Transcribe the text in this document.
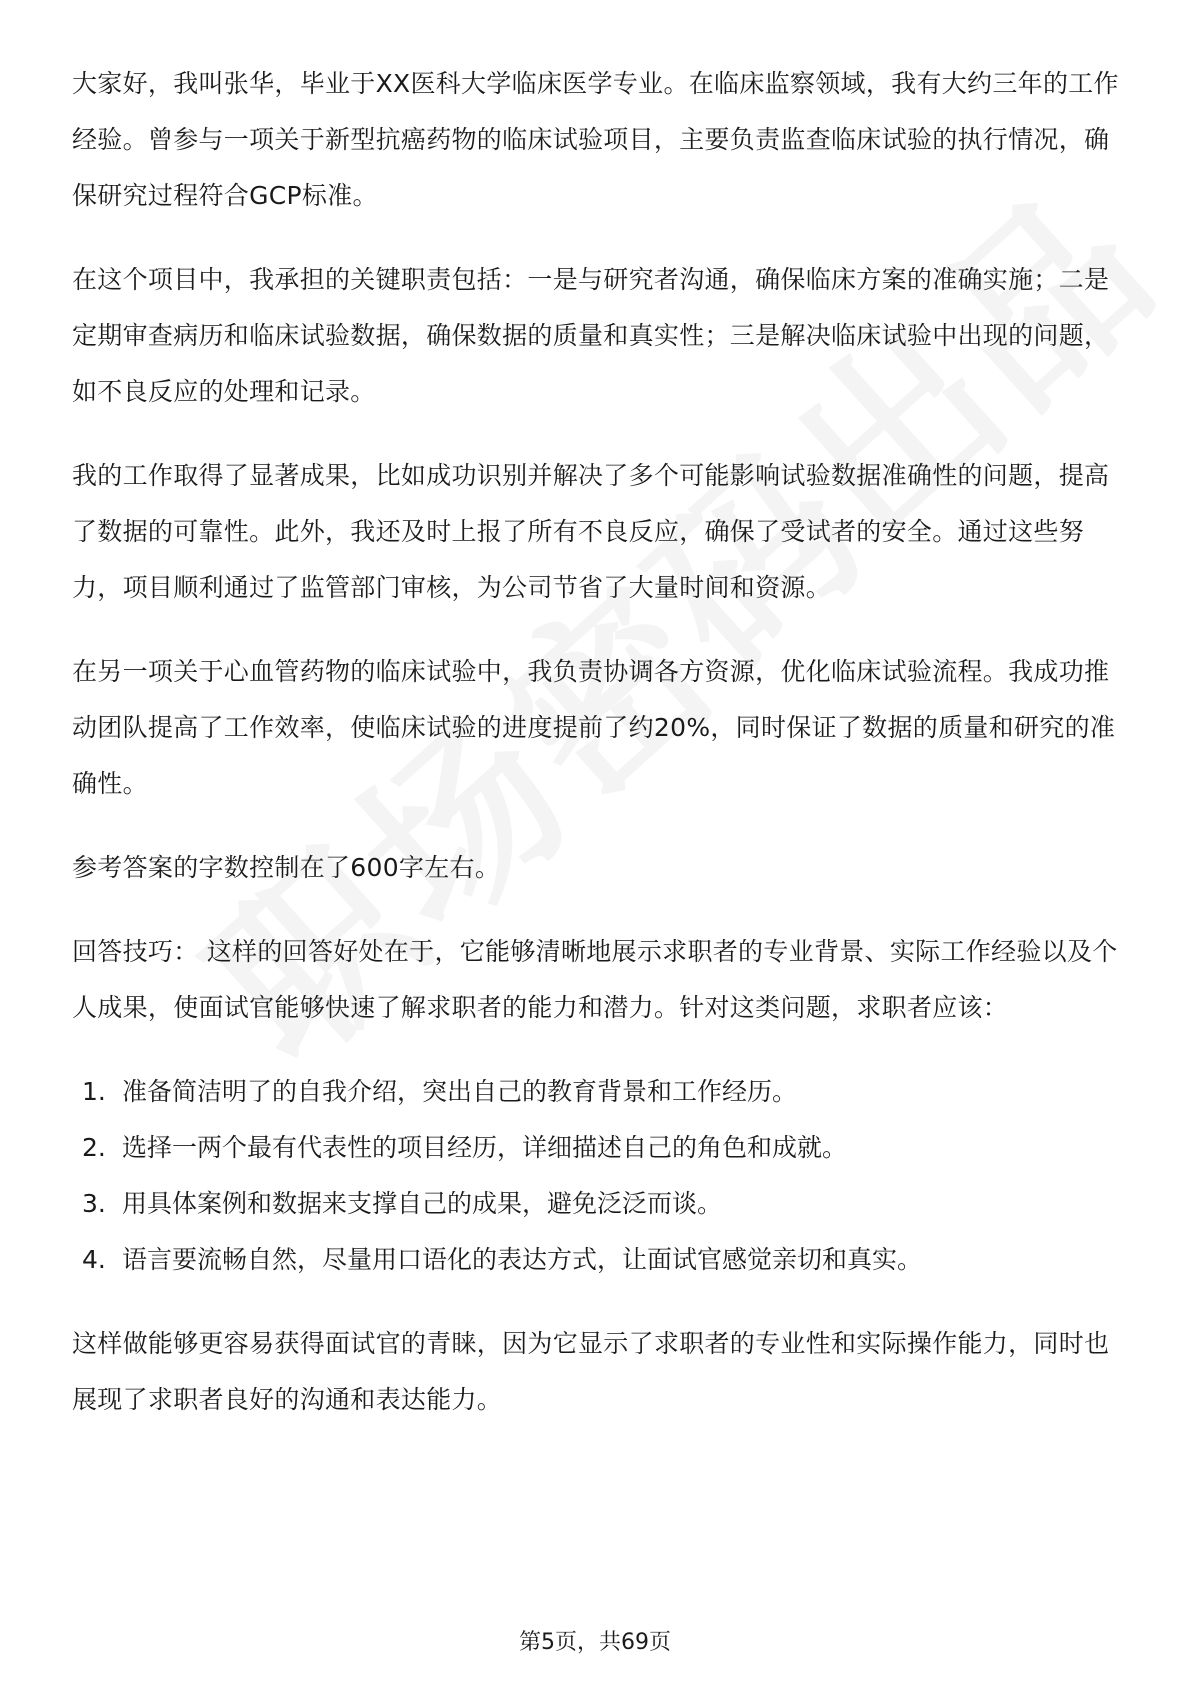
大家好，我叫张华，毕业于XX医科大学临床医学专业。在临床监察领域，我有大约三年的工作经验。曾参与一项关于新型抗癌药物的临床试验项目，主要负责监查临床试验的执行情况，确保研究过程符合GCP标准。

在这个项目中，我承担的关键职责包括：一是与研究者沟通，确保临床方案的准确实施；二是定期审查病历和临床试验数据，确保数据的质量和真实性；三是解决临床试验中出现的问题，如不良反应的处理和记录。

我的工作取得了显著成果，比如成功识别并解决了多个可能影响试验数据准确性的问题，提高了数据的可靠性。此外，我还及时上报了所有不良反应，确保了受试者的安全。通过这些努力，项目顺利通过了监管部门审核，为公司节省了大量时间和资源。

在另一项关于心血管药物的临床试验中，我负责协调各方资源，优化临床试验流程。我成功推动团队提高了工作效率，使临床试验的进度提前了约20%，同时保证了数据的质量和研究的准确性。

参考答案的字数控制在了600字左右。

回答技巧： 这样的回答好处在于，它能够清晰地展示求职者的专业背景、实际工作经验以及个人成果，使面试官能够快速了解求职者的能力和潜力。针对这类问题，求职者应该：

1. 准备简洁明了的自我介绍，突出自己的教育背景和工作经历。
2. 选择一两个最有代表性的项目经历，详细描述自己的角色和成就。
3. 用具体案例和数据来支撑自己的成果，避免泛泛而谈。
4. 语言要流畅自然，尽量用口语化的表达方式，让面试官感觉亲切和真实。

这样做能够更容易获得面试官的青睐，因为它显示了求职者的专业性和实际操作能力，同时也展现了求职者良好的沟通和表达能力。

第5页，共69页
